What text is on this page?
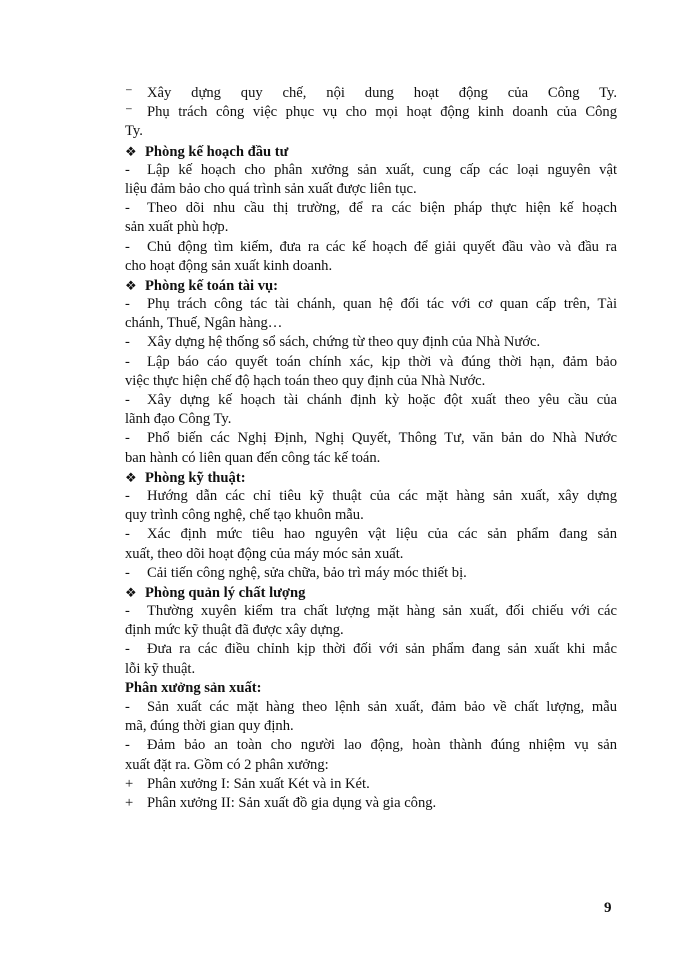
⁻ Xây dựng quy chế, nội dung hoạt động của Công Ty.
⁻ Phụ trách công việc phục vụ cho mọi hoạt động kinh doanh của Công
Ty.
❖ Phòng kế hoạch đầu tư
- Lập kế hoạch cho phân xưởng sản xuất, cung cấp các loại nguyên vật
liệu đảm bảo cho quá trình sản xuất được liên tục.
- Theo dõi nhu cầu thị trường, để ra các biện pháp thực hiện kế hoạch
sản xuất phù hợp.
- Chủ động tìm kiếm, đưa ra các kế hoạch để giải quyết đầu vào và đầu ra
cho hoạt động sản xuất kinh doanh.
❖ Phòng kế toán tài vụ:
- Phụ trách công tác tài chánh, quan hệ đối tác với cơ quan cấp trên, Tài
chánh, Thuế, Ngân hàng…
- Xây dựng hệ thống sổ sách, chứng từ theo quy định của Nhà Nước.
- Lập báo cáo quyết toán chính xác, kịp thời và đúng thời hạn, đảm bảo
việc thực hiện chế độ hạch toán theo quy định của Nhà Nước.
- Xây dựng kế hoạch tài chánh định kỳ hoặc đột xuất theo yêu cầu của
lãnh đạo Công Ty.
- Phổ biến các Nghị Định, Nghị Quyết, Thông Tư, văn bản do Nhà Nước
ban hành có liên quan đến công tác kế toán.
❖ Phòng kỹ thuật:
- Hướng dẫn các chỉ tiêu kỹ thuật của các mặt hàng sản xuất, xây dựng
quy trình công nghệ, chế tạo khuôn mẫu.
- Xác định mức tiêu hao nguyên vật liệu của các sản phẩm đang sản
xuất, theo dõi hoạt động của máy móc sản xuất.
- Cải tiến công nghệ, sửa chữa, bảo trì máy móc thiết bị.
❖ Phòng quản lý chất lượng
- Thường xuyên kiểm tra chất lượng mặt hàng sản xuất, đối chiếu với các
định mức kỹ thuật đã được xây dựng.
- Đưa ra các điều chỉnh kịp thời đối với sản phẩm đang sản xuất khi mắc
lỗi kỹ thuật.
Phân xưởng sản xuất:
- Sản xuất các mặt hàng theo lệnh sản xuất, đảm bảo về chất lượng, mẫu
mã, đúng thời gian quy định.
- Đảm bảo an toàn cho người lao động, hoàn thành đúng nhiệm vụ sản
xuất đặt ra. Gồm có 2 phân xưởng:
+ Phân xưởng I: Sản xuất Két và in Két.
+ Phân xưởng II: Sản xuất đồ gia dụng và gia công.
9
